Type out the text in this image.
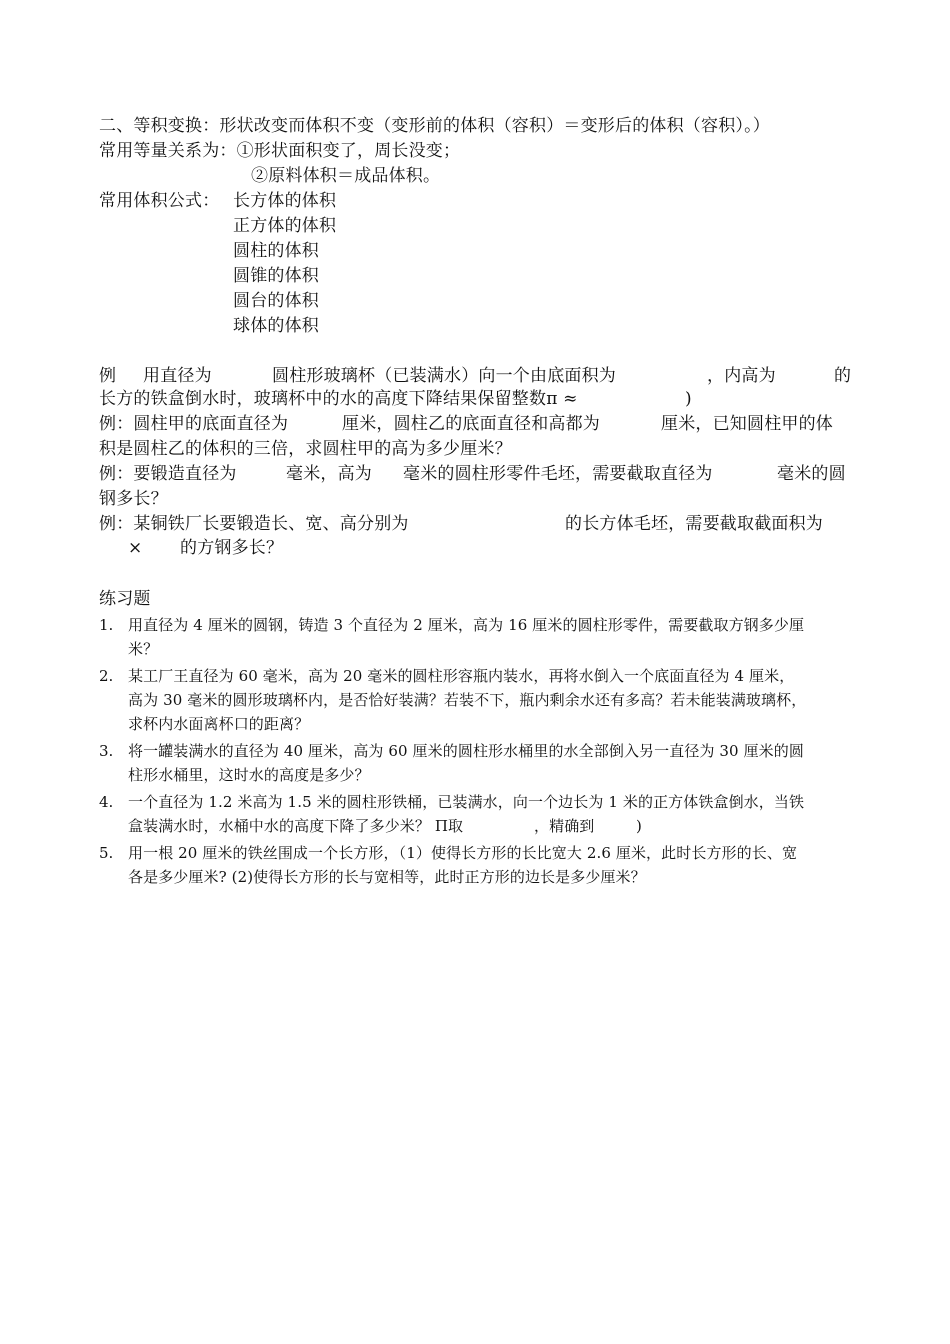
二、等积变换：形状改变而体积不变（变形前的体积（容积）＝变形后的体积（容积）。）
常用等量关系为：①形状面积变了，周长没变；
②原料体积＝成品体积。
常用体积公式： 长方体的体积
正方体的体积
圆柱的体积
圆锥的体积
圆台的体积
球体的体积
例 用直径为	圆柱形玻璃杯（已装满水）向一个由底面积为	，内高为	的
长方的铁盒倒水时，玻璃杯中的水的高度下降结果保留整数π ≈	)
例：圆柱甲的底面直径为	厘米，圆柱乙的底面直径和高都为	厘米，已知圆柱甲的体
积是圆柱乙的体积的三倍，求圆柱甲的高为多少厘米？
例：要锻造直径为	毫米，高为 毫米的圆柱形零件毛坯，需要截取直径为	毫米的圆
钢多长？
例：某铜铁厂长要锻造长、宽、高分别为	的长方体毛坯，需要截取截面积为
× 的方钢多长？
练习题
1. 用直径为 4 厘米的圆钢，铸造 3 个直径为 2 厘米，高为 16 厘米的圆柱形零件，需要截取方钢多少厘
米？
2. 某工厂王直径为 60 毫米，高为 20 毫米的圆柱形容瓶内装水，再将水倒入一个底面直径为 4 厘米，
高为 30 毫米的圆形玻璃杯内，是否恰好装满？若装不下，瓶内剩余水还有多高？若未能装满玻璃杯，
求杯内水面离杯口的距离？
3. 将一罐装满水的直径为 40 厘米，高为 60 厘米的圆柱形水桶里的水全部倒入另一直径为 30 厘米的圆
柱形水桶里，这时水的高度是多少？
4. 一个直径为 1.2 米高为 1.5 米的圆柱形铁桶，已装满水，向一个边长为 1 米的正方体铁盒倒水，当铁
盒装满水时，水桶中水的高度下降了多少米？ Π取	，精确到	)
5. 用一根 20 厘米的铁丝围成一个长方形，（1）使得长方形的长比宽大 2.6 厘米，此时长方形的长、宽
各是多少厘米? (2)使得长方形的长与宽相等，此时正方形的边长是多少厘米？
